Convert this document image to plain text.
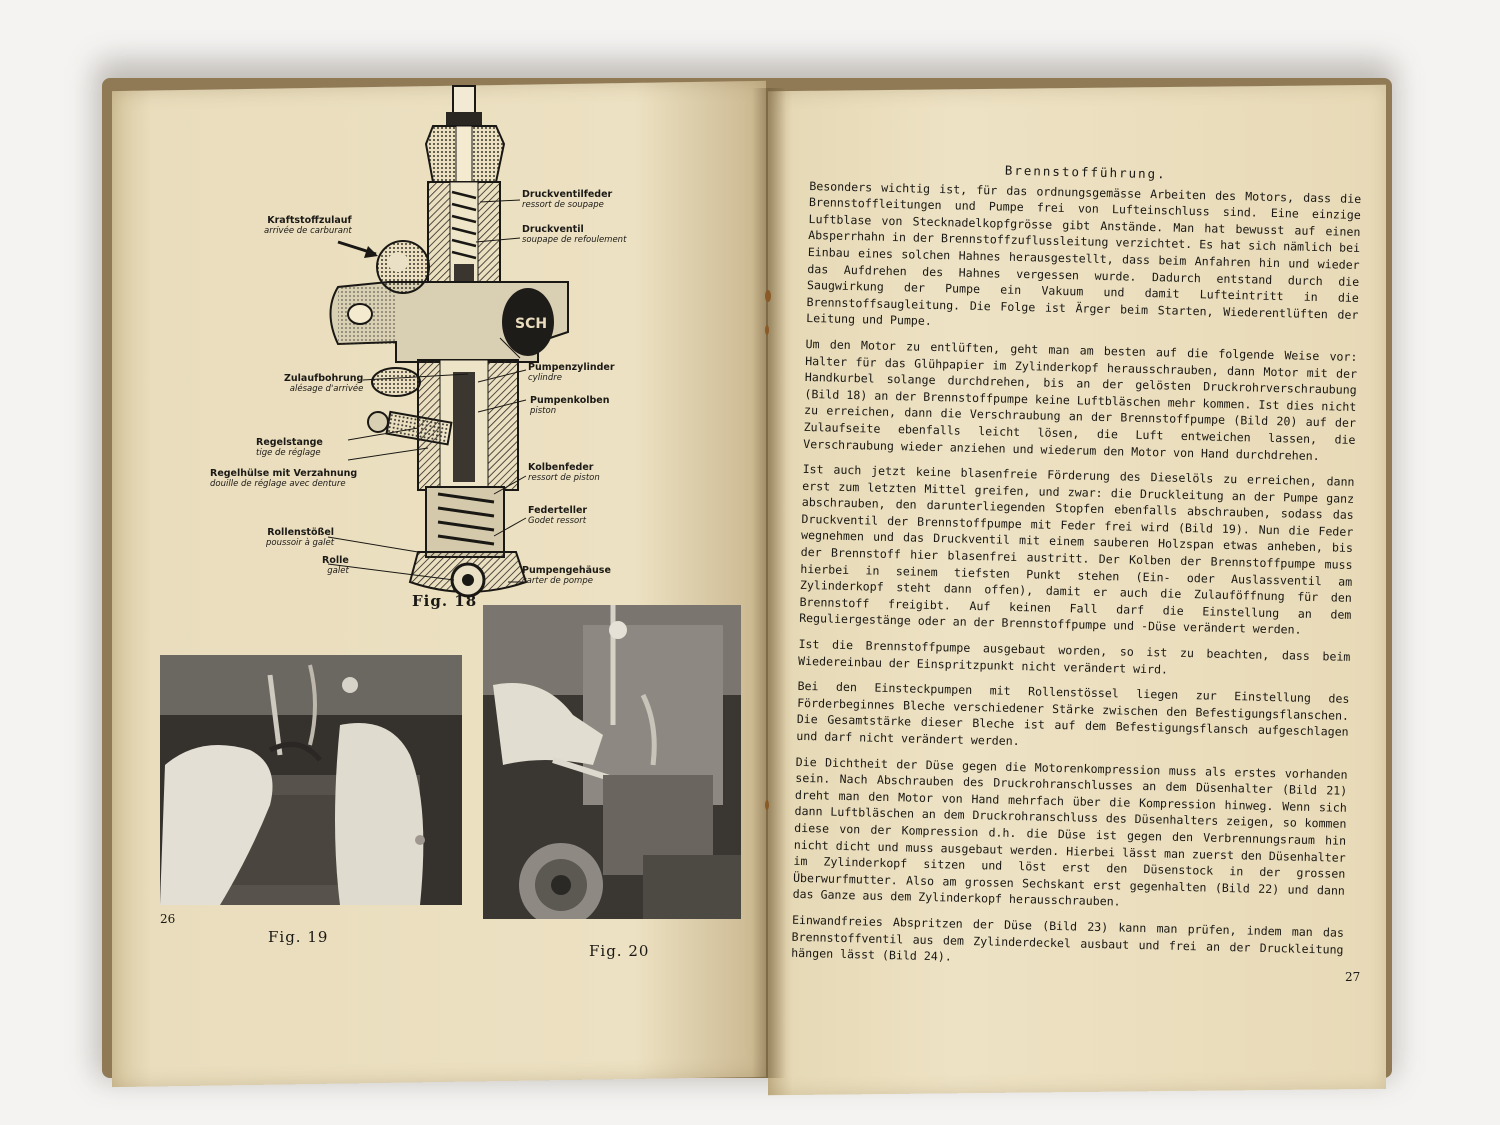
SCH
Druckventilfeder
ressort de soupape
Kraftstoffzulauf
arrivée de carburant	Druckventil
soupape de refoulement
Pumpenzylinder
cylindre
Zulaufbohrung
alésage d'arrivée
Pumpenkolben
piston
Regelstange
tige de réglage
Regelhülse mit Verzahnung
douille de réglage avec denture
Kolbenfeder
ressort de piston
Federteller
Godet ressort
Rollenstößel
poussoir à galet
Rolle
galet	Pumpengehäuse
carter de pompe
Fig. 18
26
Fig. 19
Fig. 20
Brennstofführung.

Besonders wichtig ist, für das ordnungsgemässe Arbeiten des Motors, dass die Brennstoffleitungen und Pumpe frei von Lufteinschluss sind. Eine einzige Luftblase von Stecknadelkopfgrösse gibt Anstände. Man hat bewusst auf einen Absperrhahn in der Brennstoffzuflussleitung verzichtet. Es hat sich nämlich bei Einbau eines solchen Hahnes herausgestellt, dass beim Anfahren hin und wieder das Aufdrehen des Hahnes vergessen wurde. Dadurch entstand durch die Saugwirkung der Pumpe ein Vakuum und damit Lufteintritt in die Brennstoffsaugleitung. Die Folge ist Ärger beim Starten, Wiederentlüften der Leitung und Pumpe.

Um den Motor zu entlüften, geht man am besten auf die folgende Weise vor: Halter für das Glühpapier im Zylinderkopf herausschrauben, dann Motor mit der Handkurbel solange durchdrehen, bis an der gelösten Druckrohrverschraubung (Bild 18) an der Brennstoffpumpe keine Luftbläschen mehr kommen. Ist dies nicht zu erreichen, dann die Verschraubung an der Brennstoffpumpe (Bild 20) auf der Zulaufseite ebenfalls leicht lösen, die Luft entweichen lassen, die Verschraubung wieder anziehen und wiederum den Motor von Hand durchdrehen.

Ist auch jetzt keine blasenfreie Förderung des Dieselöls zu erreichen, dann erst zum letzten Mittel greifen, und zwar: die Druckleitung an der Pumpe ganz abschrauben, den darunterliegenden Stopfen ebenfalls abschrauben, sodass das Druckventil der Brennstoffpumpe mit Feder frei wird (Bild 19). Nun die Feder wegnehmen und das Druckventil mit einem sauberen Holzspan etwas anheben, bis der Brennstoff hier blasenfrei austritt. Der Kolben der Brennstoffpumpe muss hierbei in seinem tiefsten Punkt stehen (Ein- oder Auslassventil am Zylinderkopf steht dann offen), damit er auch die Zulauföffnung für den Brennstoff freigibt. Auf keinen Fall darf die Einstellung an dem Reguliergestänge oder an der Brennstoffpumpe und -Düse verändert werden.

Ist die Brennstoffpumpe ausgebaut worden, so ist zu beachten, dass beim Wiedereinbau der Einspritzpunkt nicht verändert wird.

Bei den Einsteckpumpen mit Rollenstössel liegen zur Einstellung des Förderbeginnes Bleche verschiedener Stärke zwischen den Befestigungsflanschen. Die Gesamtstärke dieser Bleche ist auf dem Befestigungsflansch aufgeschlagen und darf nicht verändert werden.

Die Dichtheit der Düse gegen die Motorenkompression muss als erstes vorhanden sein. Nach Abschrauben des Druckrohranschlusses an dem Düsenhalter (Bild 21) dreht man den Motor von Hand mehrfach über die Kompression hinweg. Wenn sich dann Luftbläschen an dem Druckrohranschluss des Düsenhalters zeigen, so kommen diese von der Kompression d.h. die Düse ist gegen den Verbrennungsraum hin nicht dicht und muss ausgebaut werden. Hierbei lässt man zuerst den Düsenhalter im Zylinderkopf sitzen und löst erst den Düsenstock in der grossen Überwurfmutter. Also am grossen Sechskant erst gegenhalten (Bild 22) und dann das Ganze aus dem Zylinderkopf herausschrauben.

Einwandfreies Abspritzen der Düse (Bild 23) kann man prüfen, indem man das Brennstoffventil aus dem Zylinderdeckel ausbaut und frei an der Druckleitung hängen lässt (Bild 24).

27
